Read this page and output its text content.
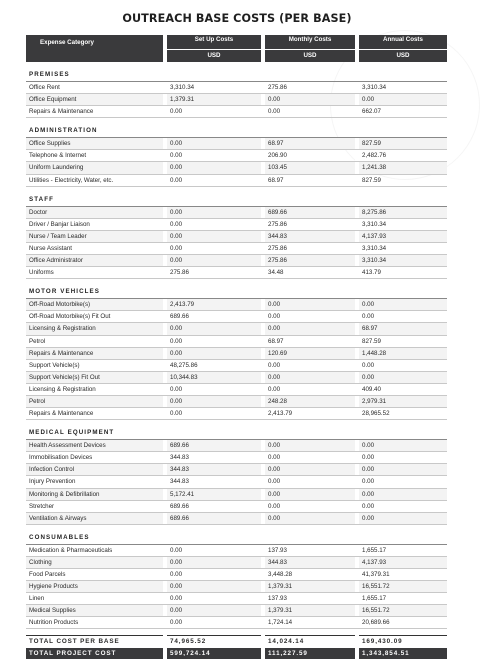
OUTREACH BASE COSTS (PER BASE)
Expense Category		Set Up Costs		Monthly Costs		Annual Costs
		USD		USD		USD

PREMISES						
Office Rent		3,310.34		275.86		3,310.34
Office Equipment		1,379.31		0.00		0.00
Repairs & Maintenance		0.00		0.00		662.07

ADMINISTRATION						
Office Supplies		0.00		68.97		827.59
Telephone & Internet		0.00		206.90		2,482.76
Uniform Laundering		0.00		103.45		1,241.38
Utilities - Electricity, Water, etc.		0.00		68.97		827.59

STAFF						
Doctor		0.00		689.66		8,275.86
Driver / Banjar Liaison		0.00		275.86		3,310.34
Nurse / Team Leader		0.00		344.83		4,137.93
Nurse Assistant		0.00		275.86		3,310.34
Office Administrator		0.00		275.86		3,310.34
Uniforms		275.86		34.48		413.79

MOTOR VEHICLES						
Off-Road Motorbike(s)		2,413.79		0.00		0.00
Off-Road Motorbike(s) Fit Out		689.66		0.00		0.00
Licensing & Registration		0.00		0.00		68.97
Petrol		0.00		68.97		827.59
Repairs & Maintenance		0.00		120.69		1,448.28
Support Vehicle(s)		48,275.86		0.00		0.00
Support Vehicle(s) Fit Out		10,344.83		0.00		0.00
Licensing & Registration		0.00		0.00		409.40
Petrol		0.00		248.28		2,979.31
Repairs & Maintenance		0.00		2,413.79		28,965.52

MEDICAL EQUIPMENT						
Health Assessment Devices		689.66		0.00		0.00
Immobilisation Devices		344.83		0.00		0.00
Infection Control		344.83		0.00		0.00
Injury Prevention		344.83		0.00		0.00
Monitoring & Defibrillation		5,172.41		0.00		0.00
Stretcher		689.66		0.00		0.00
Ventilation & Airways		689.66		0.00		0.00

CONSUMABLES						
Medication & Pharmaceuticals		0.00		137.93		1,655.17
Clothing		0.00		344.83		4,137.93
Food Parcels		0.00		3,448.28		41,379.31
Hygiene Products		0.00		1,379.31		16,551.72
Linen		0.00		137.93		1,655.17
Medical Supplies		0.00		1,379.31		16,551.72
Nutrition Products		0.00		1,724.14		20,689.66

TOTAL COST PER BASE		74,965.52		14,024.14		169,430.09
TOTAL PROJECT COST		599,724.14		111,227.59		1,343,854.51
